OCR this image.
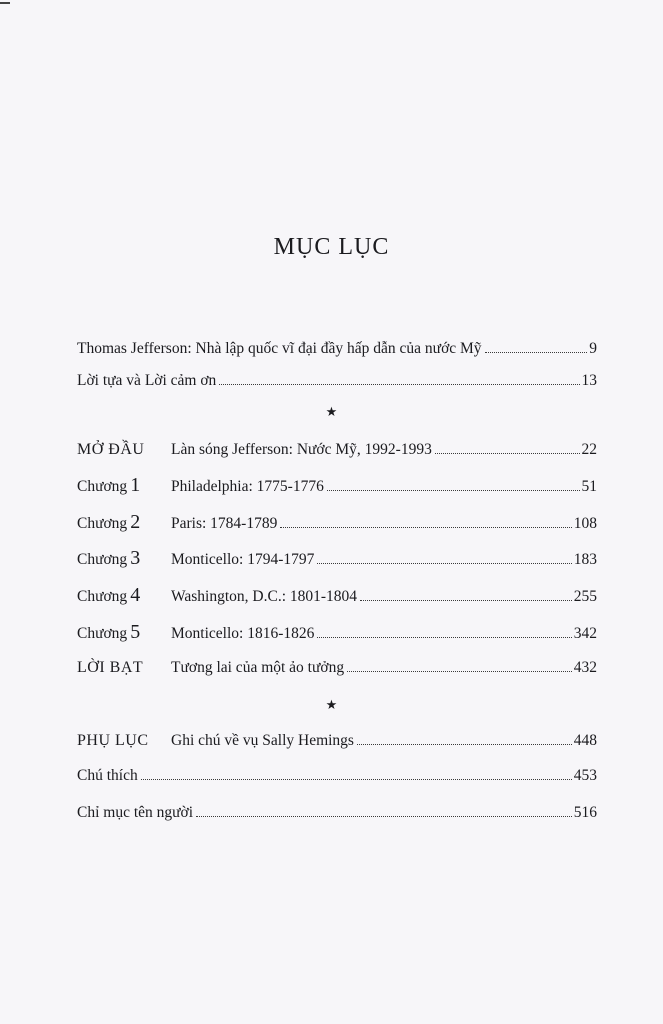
MỤC LỤC
Thomas Jefferson: Nhà lập quốc vĩ đại đầy hấp dẫn của nước Mỹ	9
Lời tựa và Lời cảm ơn	13
★
MỞ ĐẦU	Làn sóng Jefferson: Nước Mỹ, 1992-1993	22
Chương 1	Philadelphia: 1775-1776	51
Chương 2	Paris: 1784-1789	108
Chương 3	Monticello: 1794-1797	183
Chương 4	Washington, D.C.: 1801-1804	255
Chương 5	Monticello: 1816-1826	342
LỜI BẠT	Tương lai của một ảo tưởng	432
★
PHỤ LỤC	Ghi chú về vụ Sally Hemings	448
Chú thích	453
Chỉ mục tên người	516
